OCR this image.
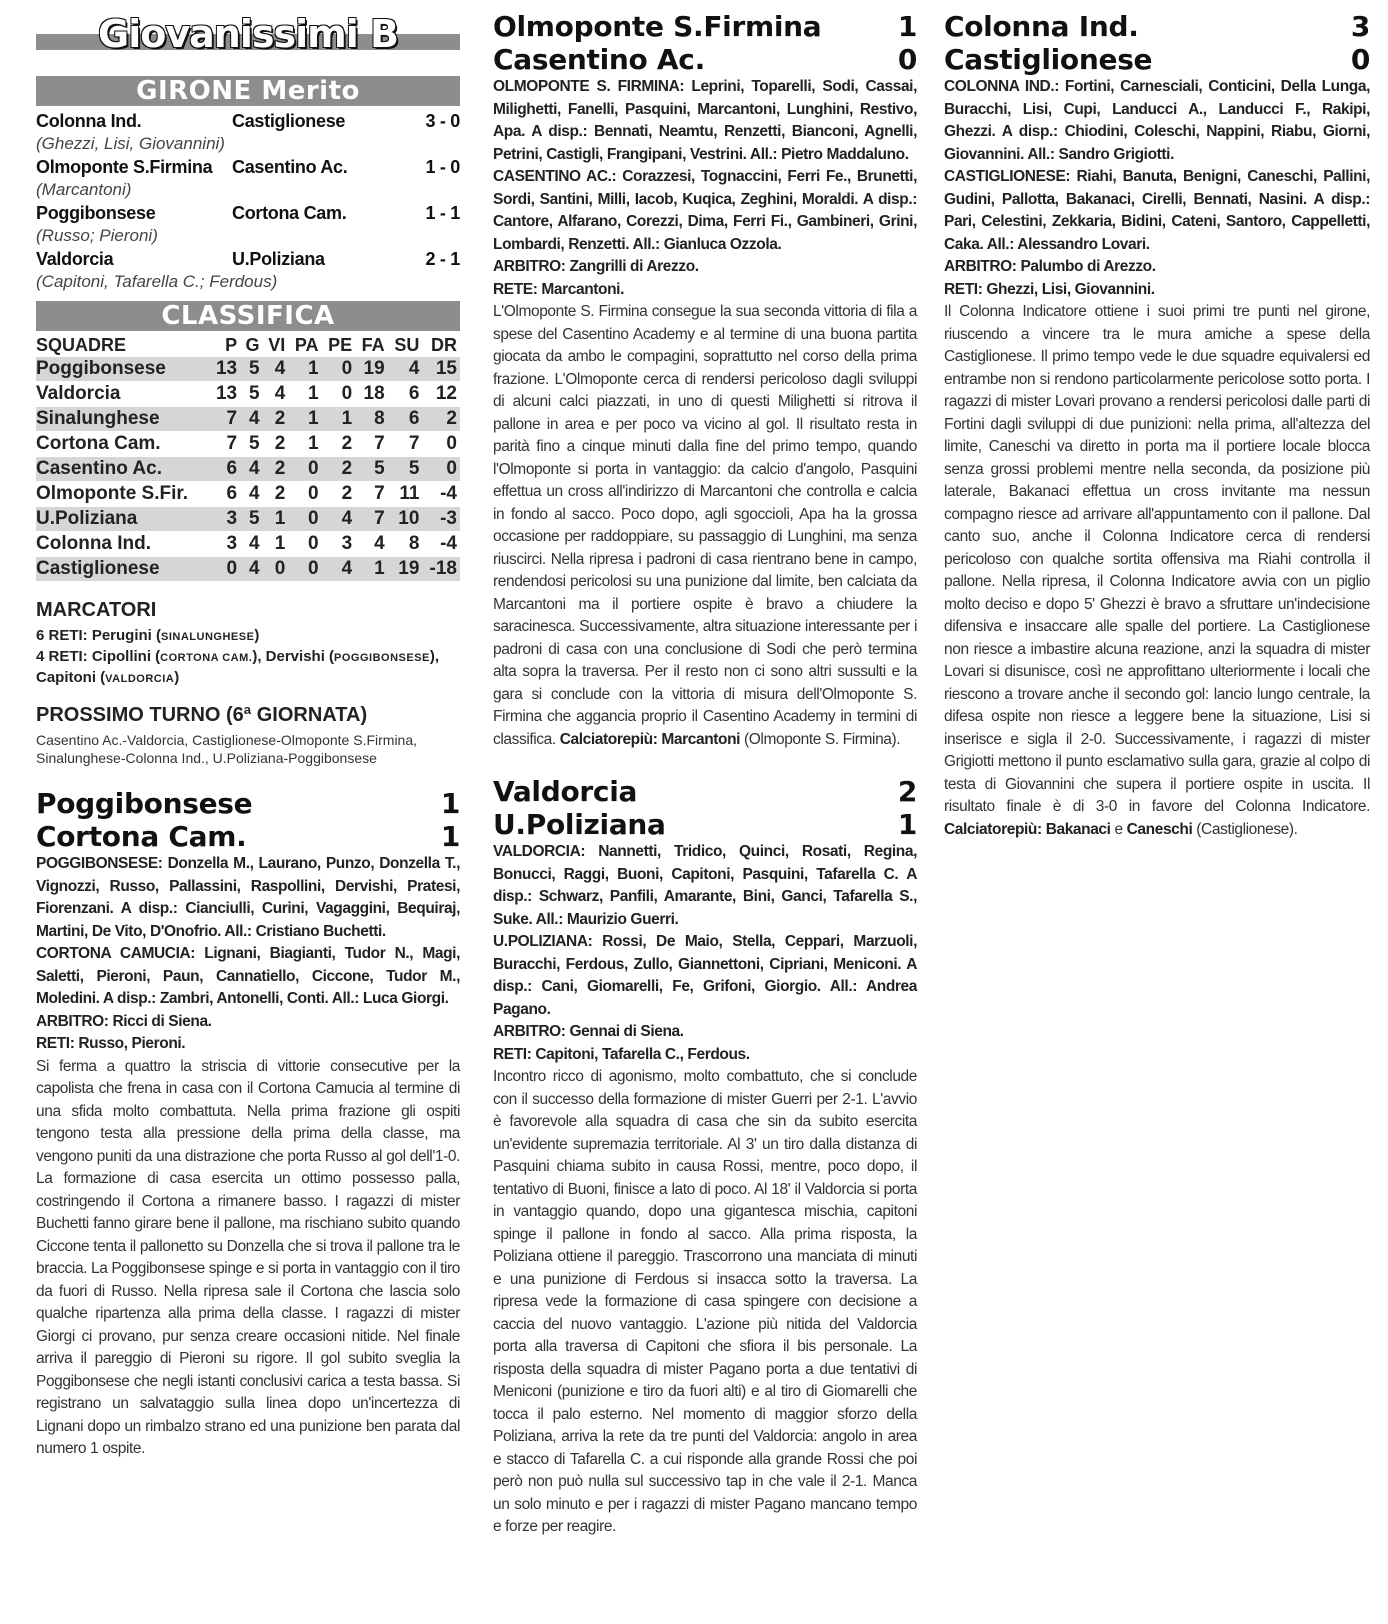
Giovanissimi B
GIRONE Merito
Colonna Ind.	Castiglionese	3 - 0
(Ghezzi, Lisi, Giovannini)
Olmoponte S.Firmina	Casentino Ac.	1 - 0
(Marcantoni)
Poggibonsese	Cortona Cam.	1 - 1
(Russo; Pieroni)
Valdorcia	U.Poliziana	2 - 1
(Capitoni, Tafarella C.; Ferdous)
CLASSIFICA
SQUADRE	P	G	VI	PA	PE	FA	SU	DR
Poggibonsese	13	5	4	1	0	19	4	15
Valdorcia	13	5	4	1	0	18	6	12
Sinalunghese	7	4	2	1	1	8	6	2
Cortona Cam.	7	5	2	1	2	7	7	0
Casentino Ac.	6	4	2	0	2	5	5	0
Olmoponte S.Fir.	6	4	2	0	2	7	11	-4
U.Poliziana	3	5	1	0	4	7	10	-3
Colonna Ind.	3	4	1	0	3	4	8	-4
Castiglionese	0	4	0	0	4	1	19	-18
MARCATORI
6 RETI: Perugini (SINALUNGHESE)
4 RETI: Cipollini (CORTONA CAM.), Dervishi (POGGIBONSESE),
Capitoni (VALDORCIA)
PROSSIMO TURNO (6ª GIORNATA)
Casentino Ac.-Valdorcia, Castiglionese-Olmoponte S.Firmina, Sinalunghese-Colonna Ind., U.Poliziana-Poggibonsese
Poggibonsese	1
Cortona Cam.	1
POGGIBONSESE: Donzella M., Laurano, Punzo, Donzella T., Vignozzi, Russo, Pallassini, Raspollini, Dervishi, Pratesi, Fiorenzani. A disp.: Cianciulli, Curini, Vagaggini, Bequiraj, Martini, De Vito, D'Onofrio. All.: Cristiano Buchetti.
CORTONA CAMUCIA: Lignani, Biagianti, Tudor N., Magi, Saletti, Pieroni, Paun, Cannatiello, Ciccone, Tudor M., Moledini. A disp.: Zambri, Antonelli, Conti. All.: Luca Giorgi.
ARBITRO: Ricci di Siena.
RETI: Russo, Pieroni.
Si ferma a quattro la striscia di vittorie consecutive per la capolista che frena in casa con il Cortona Camucia al termine di una sfida molto combattuta. Nella prima frazione gli ospiti tengono testa alla pressione della prima della classe, ma vengono puniti da una distrazione che porta Russo al gol dell'1-0. La formazione di casa esercita un ottimo possesso palla, costringendo il Cortona a rimanere basso. I ragazzi di mister Buchetti fanno girare bene il pallone, ma rischiano subito quando Ciccone tenta il pallonetto su Donzella che si trova il pallone tra le braccia. La Poggibonsese spinge e si porta in vantaggio con il tiro da fuori di Russo. Nella ripresa sale il Cortona che lascia solo qualche ripartenza alla prima della classe. I ragazzi di mister Giorgi ci provano, pur senza creare occasioni nitide. Nel finale arriva il pareggio di Pieroni su rigore. Il gol subito sveglia la Poggibonsese che negli istanti conclusivi carica a testa bassa. Si registrano un salvataggio sulla linea dopo un'incertezza di Lignani dopo un rimbalzo strano ed una punizione ben parata dal numero 1 ospite.
Olmoponte S.Firmina	1
Casentino Ac.	0
OLMOPONTE S. FIRMINA: Leprini, Toparelli, Sodi, Cassai, Milighetti, Fanelli, Pasquini, Marcantoni, Lunghini, Restivo, Apa. A disp.: Bennati, Neamtu, Renzetti, Bianconi, Agnelli, Petrini, Castigli, Frangipani, Vestrini. All.: Pietro Maddaluno.
CASENTINO AC.: Corazzesi, Tognaccini, Ferri Fe., Brunetti, Sordi, Santini, Milli, Iacob, Kuqica, Zeghini, Moraldi. A disp.: Cantore, Alfarano, Corezzi, Dima, Ferri Fi., Gambineri, Grini, Lombardi, Renzetti. All.: Gianluca Ozzola.
ARBITRO: Zangrilli di Arezzo.
RETE: Marcantoni.
L'Olmoponte S. Firmina consegue la sua seconda vittoria di fila a spese del Casentino Academy e al termine di una buona partita giocata da ambo le compagini, soprattutto nel corso della prima frazione. L'Olmoponte cerca di rendersi pericoloso dagli sviluppi di alcuni calci piazzati, in uno di questi Milighetti si ritrova il pallone in area e per poco va vicino al gol. Il risultato resta in parità fino a cinque minuti dalla fine del primo tempo, quando l'Olmoponte si porta in vantaggio: da calcio d'angolo, Pasquini effettua un cross all'indirizzo di Marcantoni che controlla e calcia in fondo al sacco. Poco dopo, agli sgoccioli, Apa ha la grossa occasione per raddoppiare, su passaggio di Lunghini, ma senza riuscirci. Nella ripresa i padroni di casa rientrano bene in campo, rendendosi pericolosi su una punizione dal limite, ben calciata da Marcantoni ma il portiere ospite è bravo a chiudere la saracinesca. Successivamente, altra situazione interessante per i padroni di casa con una conclusione di Sodi che però termina alta sopra la traversa. Per il resto non ci sono altri sussulti e la gara si conclude con la vittoria di misura dell'Olmoponte S. Firmina che aggancia proprio il Casentino Academy in termini di classifica. Calciatorepiù: Marcantoni (Olmoponte S. Firmina).
Valdorcia	2
U.Poliziana	1
VALDORCIA: Nannetti, Tridico, Quinci, Rosati, Regina, Bonucci, Raggi, Buoni, Capitoni, Pasquini, Tafarella C. A disp.: Schwarz, Panfili, Amarante, Bini, Ganci, Tafarella S., Suke. All.: Maurizio Guerri.
U.POLIZIANA: Rossi, De Maio, Stella, Ceppari, Marzuoli, Buracchi, Ferdous, Zullo, Giannettoni, Cipriani, Meniconi. A disp.: Cani, Giomarelli, Fe, Grifoni, Giorgio. All.: Andrea Pagano.
ARBITRO: Gennai di Siena.
RETI: Capitoni, Tafarella C., Ferdous.
Incontro ricco di agonismo, molto combattuto, che si conclude con il successo della formazione di mister Guerri per 2-1. L'avvio è favorevole alla squadra di casa che sin da subito esercita un'evidente supremazia territoriale. Al 3' un tiro dalla distanza di Pasquini chiama subito in causa Rossi, mentre, poco dopo, il tentativo di Buoni, finisce a lato di poco. Al 18' il Valdorcia si porta in vantaggio quando, dopo una gigantesca mischia, capitoni spinge il pallone in fondo al sacco. Alla prima risposta, la Poliziana ottiene il pareggio. Trascorrono una manciata di minuti e una punizione di Ferdous si insacca sotto la traversa. La ripresa vede la formazione di casa spingere con decisione a caccia del nuovo vantaggio. L'azione più nitida del Valdorcia porta alla traversa di Capitoni che sfiora il bis personale. La risposta della squadra di mister Pagano porta a due tentativi di Meniconi (punizione e tiro da fuori alti) e al tiro di Giomarelli che tocca il palo esterno. Nel momento di maggior sforzo della Poliziana, arriva la rete da tre punti del Valdorcia: angolo in area e stacco di Tafarella C. a cui risponde alla grande Rossi che poi però non può nulla sul successivo tap in che vale il 2-1. Manca un solo minuto e per i ragazzi di mister Pagano mancano tempo e forze per reagire.
Colonna Ind.	3
Castiglionese	0
COLONNA IND.: Fortini, Carnesciali, Conticini, Della Lunga, Buracchi, Lisi, Cupi, Landucci A., Landucci F., Rakipi, Ghezzi. A disp.: Chiodini, Coleschi, Nappini, Riabu, Giorni, Giovannini. All.: Sandro Grigiotti.
CASTIGLIONESE: Riahi, Banuta, Benigni, Caneschi, Pallini, Gudini, Pallotta, Bakanaci, Cirelli, Bennati, Nasini. A disp.: Pari, Celestini, Zekkaria, Bidini, Cateni, Santoro, Cappelletti, Caka. All.: Alessandro Lovari.
ARBITRO: Palumbo di Arezzo.
RETI: Ghezzi, Lisi, Giovannini.
Il Colonna Indicatore ottiene i suoi primi tre punti nel girone, riuscendo a vincere tra le mura amiche a spese della Castiglionese. Il primo tempo vede le due squadre equivalersi ed entrambe non si rendono particolarmente pericolose sotto porta. I ragazzi di mister Lovari provano a rendersi pericolosi dalle parti di Fortini dagli sviluppi di due punizioni: nella prima, all'altezza del limite, Caneschi va diretto in porta ma il portiere locale blocca senza grossi problemi mentre nella seconda, da posizione più laterale, Bakanaci effettua un cross invitante ma nessun compagno riesce ad arrivare all'appuntamento con il pallone. Dal canto suo, anche il Colonna Indicatore cerca di rendersi pericoloso con qualche sortita offensiva ma Riahi controlla il pallone. Nella ripresa, il Colonna Indicatore avvia con un piglio molto deciso e dopo 5' Ghezzi è bravo a sfruttare un'indecisione difensiva e insaccare alle spalle del portiere. La Castiglionese non riesce a imbastire alcuna reazione, anzi la squadra di mister Lovari si disunisce, così ne approfittano ulteriormente i locali che riescono a trovare anche il secondo gol: lancio lungo centrale, la difesa ospite non riesce a leggere bene la situazione, Lisi si inserisce e sigla il 2-0. Successivamente, i ragazzi di mister Grigiotti mettono il punto esclamativo sulla gara, grazie al colpo di testa di Giovannini che supera il portiere ospite in uscita. Il risultato finale è di 3-0 in favore del Colonna Indicatore. Calciatorepiù: Bakanaci e Caneschi (Castiglionese).
